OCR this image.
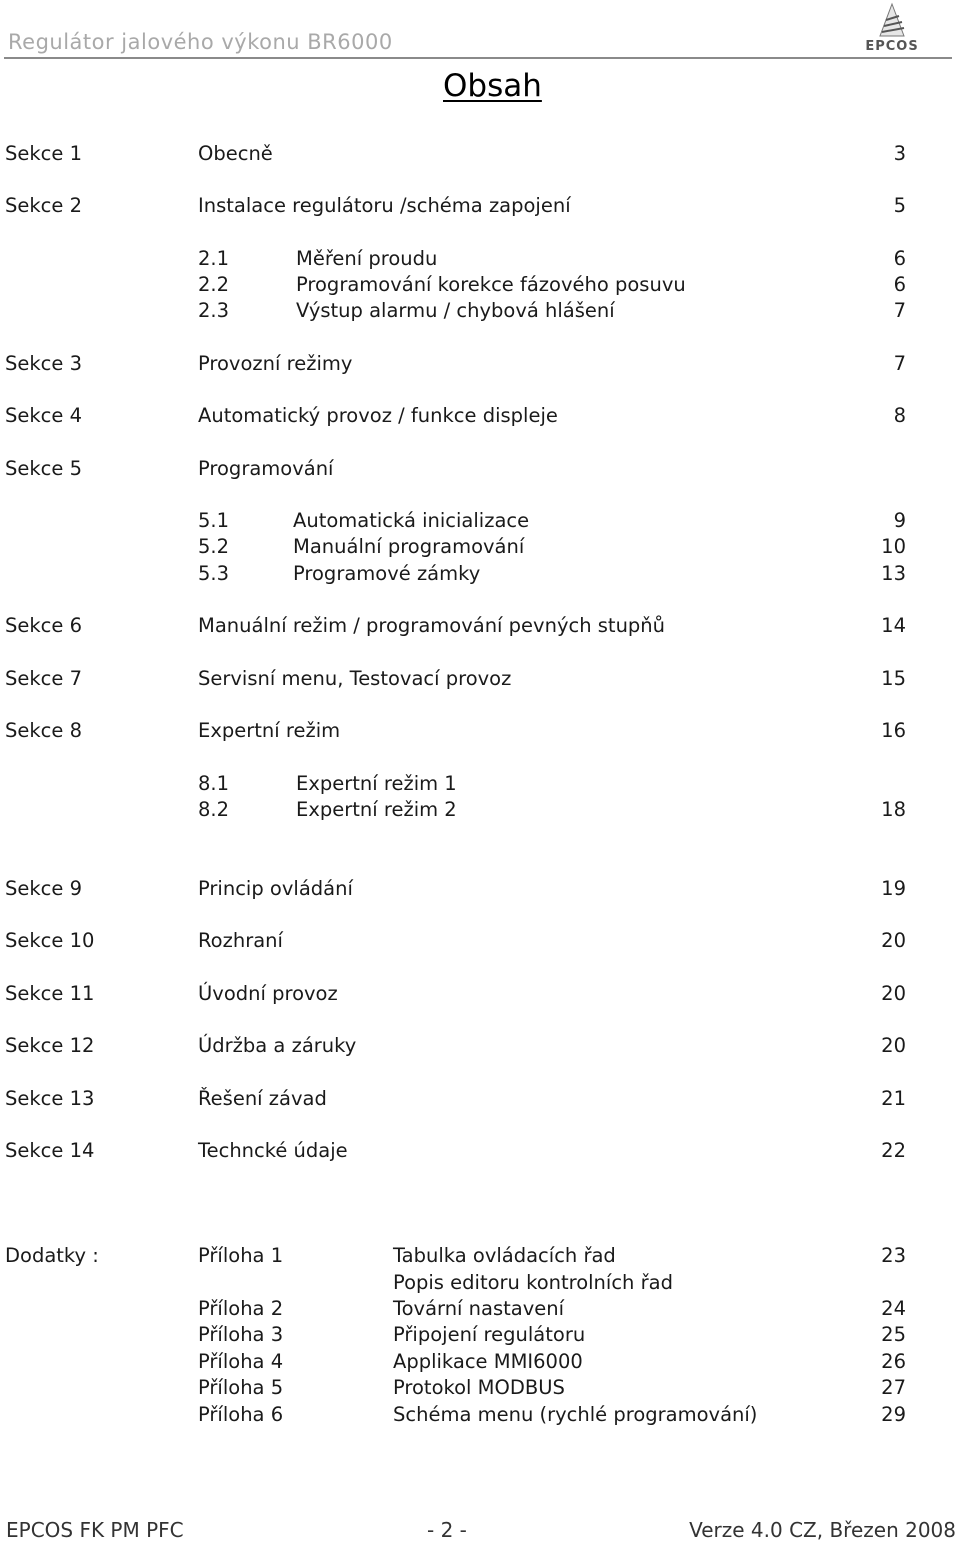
Regulátor jalového výkonu BR6000	EPCOS
Obsah
Sekce 1	Obecně	3
Sekce 2	Instalace regulátoru /schéma zapojení	5
2.1	Měření proudu	6
2.2	Programování korekce fázového posuvu	6
2.3	Výstup alarmu / chybová hlášení	7
Sekce 3	Provozní režimy	7
Sekce 4	Automatický provoz / funkce displeje	8
Sekce 5	Programování
5.1	Automatická inicializace	9
5.2	Manuální programování	10
5.3	Programové zámky	13
Sekce 6	Manuální režim / programování pevných stupňů	14
Sekce 7	Servisní menu, Testovací provoz	15
Sekce 8	Expertní režim	16
8.1	Expertní režim 1
8.2	Expertní režim 2	18
Sekce 9	Princip ovládání	19
Sekce 10	Rozhraní	20
Sekce 11	Úvodní provoz	20
Sekce 12	Údržba a záruky	20
Sekce 13	Řešení závad	21
Sekce 14	Techncké údaje	22
Dodatky :	Příloha 1	Tabulka ovládacích řad	23
Popis editoru kontrolních řad
Příloha 2	Tovární nastavení	24
Příloha 3	Připojení regulátoru	25
Příloha 4	Applikace MMI6000	26
Příloha 5	Protokol MODBUS	27
Příloha 6	Schéma menu (rychlé programování)	29
EPCOS FK PM PFC	- 2 -	Verze 4.0 CZ, Březen 2008
